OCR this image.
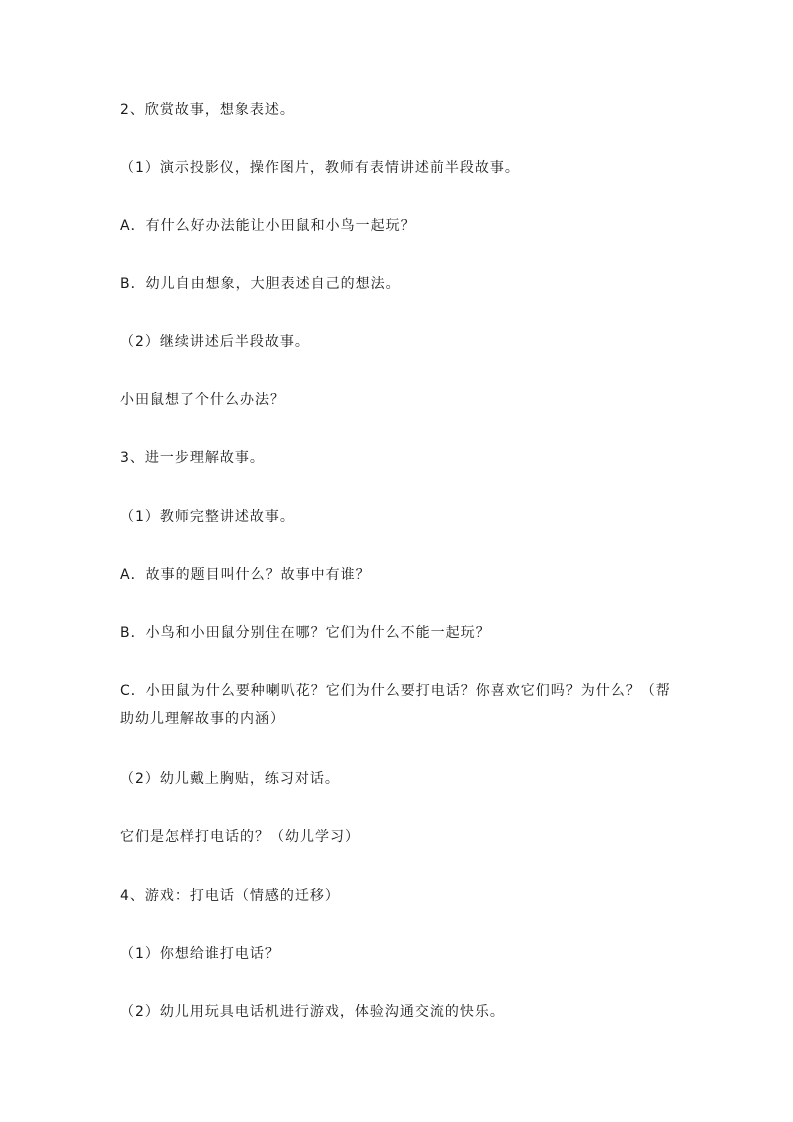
2、欣赏故事，想象表述。

（1）演示投影仪，操作图片，教师有表情讲述前半段故事。

A．有什么好办法能让小田鼠和小鸟一起玩？

B．幼儿自由想象，大胆表述自己的想法。

（2）继续讲述后半段故事。

小田鼠想了个什么办法？

3、进一步理解故事。

（1）教师完整讲述故事。

A．故事的题目叫什么？故事中有谁？

B．小鸟和小田鼠分别住在哪？它们为什么不能一起玩？

C．小田鼠为什么要种喇叭花？它们为什么要打电话？你喜欢它们吗？为什么？（帮助幼儿理解故事的内涵）

（2）幼儿戴上胸贴，练习对话。

它们是怎样打电话的？（幼儿学习）

4、游戏：打电话（情感的迁移）

（1）你想给谁打电话？

（2）幼儿用玩具电话机进行游戏，体验沟通交流的快乐。
